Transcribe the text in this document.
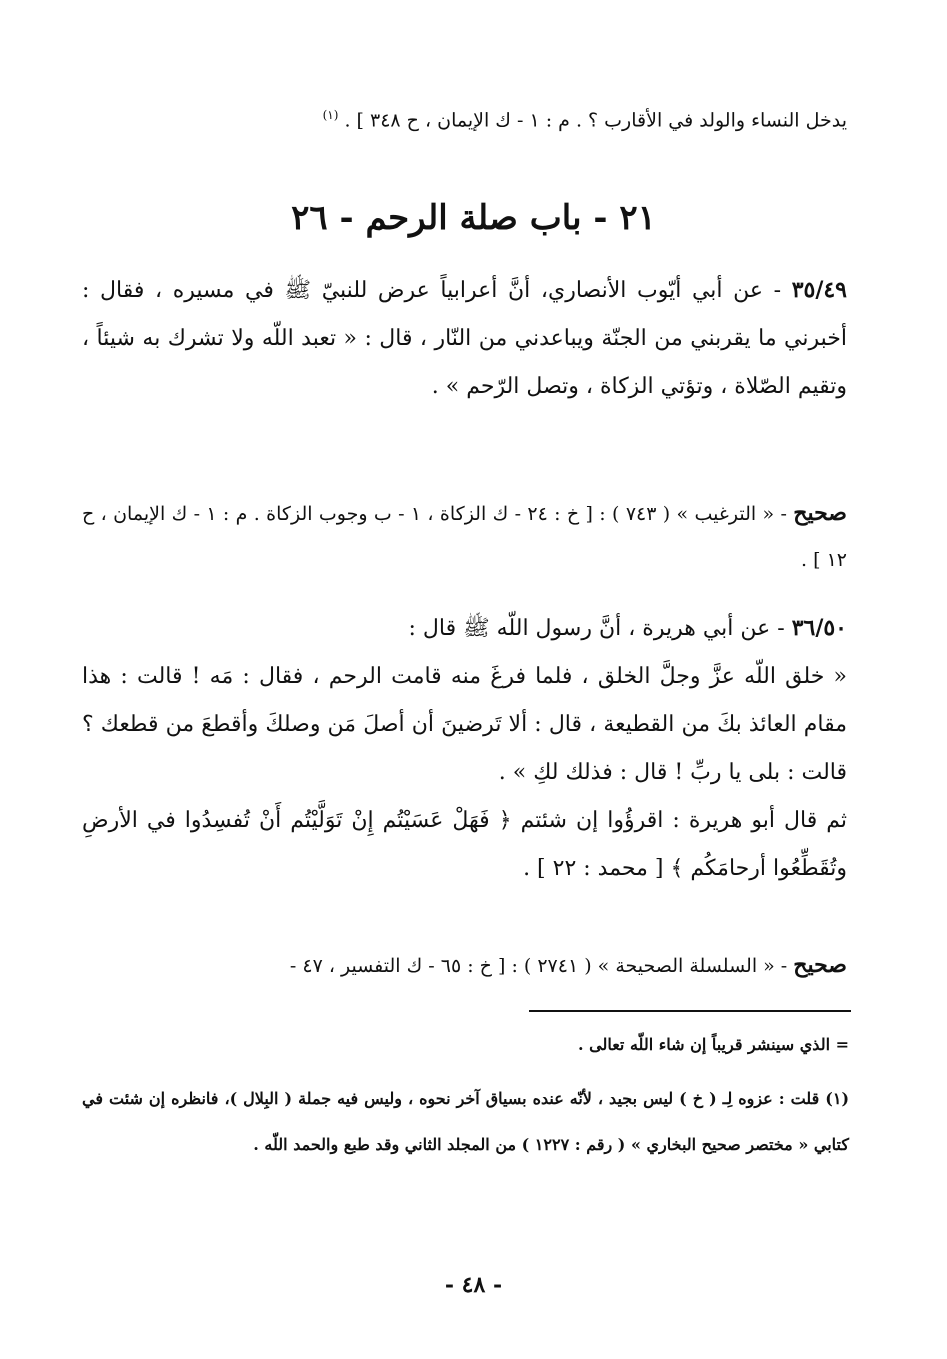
يدخل النساء والولد في الأقارب ؟ . م : ١ - ك الإيمان ، ح ٣٤٨ ] . $^{(١)}$
٢١ - باب صلة الرحم - ٢٦
٣٥/٤٩ - عن أبي أيّوب الأنصاري، أنَّ أعرابياً عرض للنبيّ ﷺ في مسيره ، فقال : أخبرني ما يقربني من الجنّة ويباعدني من النّار ، قال : « تعبد اللّه ولا تشرك به شيئاً ، وتقيم الصّلاة ، وتؤتي الزكاة ، وتصل الرّحم » .
صحيح - « الترغيب » ( ٧٤٣ ) : [ خ : ٢٤ - ك الزكاة ، ١ - ب وجوب الزكاة . م : ١ - ك الإيمان ، ح ١٢ ] .
٣٦/٥٠ - عن أبي هريرة ، أنَّ رسول اللّه ﷺ قال :
« خلق اللّه عزَّ وجلَّ الخلق ، فلما فرغَ منه قامت الرحم ، فقال : مَه ! قالت : هذا مقام العائذ بكَ من القطيعة ، قال : ألا تَرضينَ أن أصلَ مَن وصلكَ وأقطعَ من قطعك ؟ قالت : بلى يا ربِّ ! قال : فذلك لكِ » .
ثم قال أبو هريرة : اقرؤُوا إن شئتم ﴿ فَهَلْ عَسَيْتُم إِنْ تَوَلَّيْتُم أَنْ تُفسِدُوا في الأرضِ وتُقَطِّعُوا أرحامَكُم ﴾ [ محمد : ٢٢ ] .
صحيح - « السلسلة الصحيحة » ( ٢٧٤١ ) : [ خ : ٦٥ - ك التفسير ، ٤٧ -
= الذي سينشر قريباً إن شاء اللّه تعالى .
(١) قلت : عزوه لِـ ( خ ) ليس بجيد ، لأنّه عنده بسياق آخر نحوه ، وليس فيه جملة ( البِلال )، فانظره إن شئت في كتابي « مختصر صحيح البخاري » ( رقم : ١٢٢٧ ) من المجلد الثاني وقد طبع والحمد اللّه .
- ٤٨ -
